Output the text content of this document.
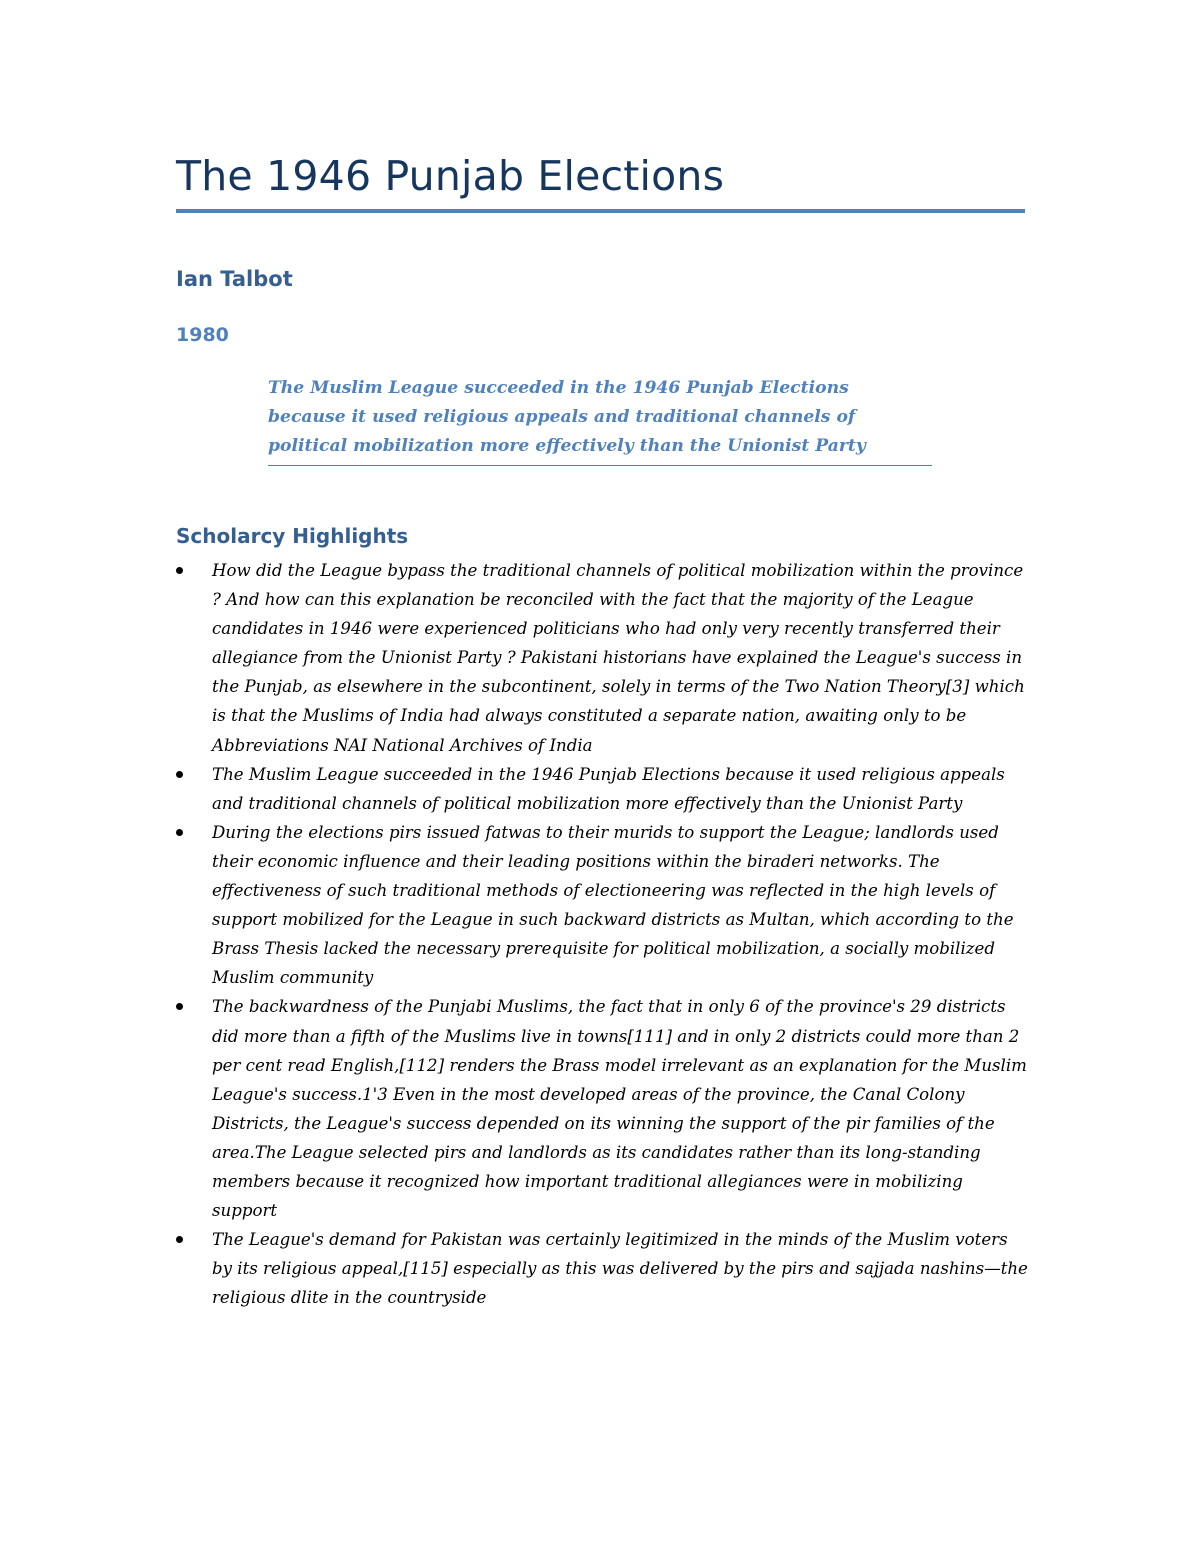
The 1946 Punjab Elections
Ian Talbot
1980

The Muslim League succeeded in the 1946 Punjab Elections because it used religious appeals and traditional channels of political mobilization more effectively than the Unionist Party

Scholarcy Highlights
How did the League bypass the traditional channels of political mobilization within the province ? And how can this explanation be reconciled with the fact that the majority of the League candidates in 1946 were experienced politicians who had only very recently transferred their allegiance from the Unionist Party ? Pakistani historians have explained the League's success in the Punjab, as elsewhere in the subcontinent, solely in terms of the Two Nation Theory[3] which is that the Muslims of India had always constituted a separate nation, awaiting only to be Abbreviations NAI National Archives of India
The Muslim League succeeded in the 1946 Punjab Elections because it used religious appeals and traditional channels of political mobilization more effectively than the Unionist Party
During the elections pirs issued fatwas to their murids to support the League; landlords used their economic influence and their leading positions within the biraderi networks. The effectiveness of such traditional methods of electioneering was reflected in the high levels of support mobilized for the League in such backward districts as Multan, which according to the Brass Thesis lacked the necessary prerequisite for political mobilization, a socially mobilized Muslim community
The backwardness of the Punjabi Muslims, the fact that in only 6 of the province's 29 districts did more than a fifth of the Muslims live in towns[111] and in only 2 districts could more than 2 per cent read English,[112] renders the Brass model irrelevant as an explanation for the Muslim League's success.1'3 Even in the most developed areas of the province, the Canal Colony Districts, the League's success depended on its winning the support of the pir families of the area.The League selected pirs and landlords as its candidates rather than its long-standing members because it recognized how important traditional allegiances were in mobilizing support
The League's demand for Pakistan was certainly legitimized in the minds of the Muslim voters by its religious appeal,[115] especially as this was delivered by the pirs and sajjada nashins—the religious dlite in the countryside
